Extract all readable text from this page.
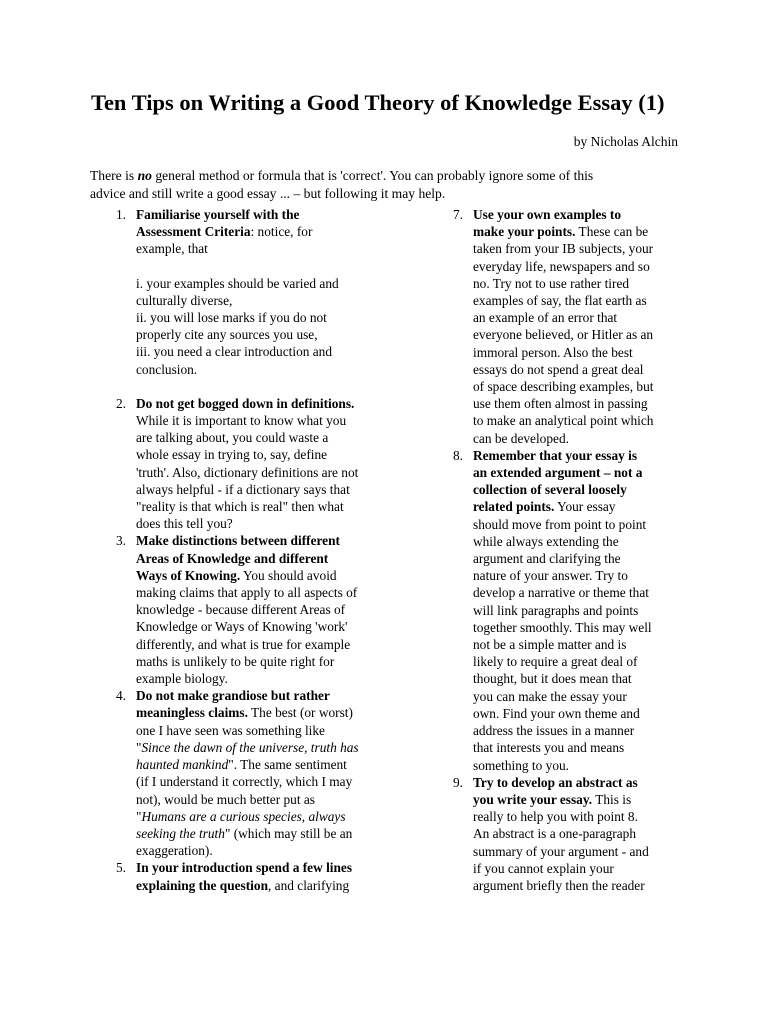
Ten Tips on Writing a Good Theory of Knowledge Essay (1)
by Nicholas Alchin
There is no general method or formula that is 'correct'. You can probably ignore some of this
advice and still write a good essay ... – but following it may help.
1. Familiarise yourself with the
Assessment Criteria: notice, for
example, that
i. your examples should be varied and
culturally diverse,
ii. you will lose marks if you do not
properly cite any sources you use,
iii. you need a clear introduction and
conclusion.
2. Do not get bogged down in definitions.
While it is important to know what you
are talking about, you could waste a
whole essay in trying to, say, define
'truth'. Also, dictionary definitions are not
always helpful - if a dictionary says that
"reality is that which is real" then what
does this tell you?
3. Make distinctions between different
Areas of Knowledge and different
Ways of Knowing. You should avoid
making claims that apply to all aspects of
knowledge - because different Areas of
Knowledge or Ways of Knowing 'work'
differently, and what is true for example
maths is unlikely to be quite right for
example biology.
4. Do not make grandiose but rather
meaningless claims. The best (or worst)
one I have seen was something like
"Since the dawn of the universe, truth has
haunted mankind". The same sentiment
(if I understand it correctly, which I may
not), would be much better put as
"Humans are a curious species, always
seeking the truth" (which may still be an
exaggeration).
5. In your introduction spend a few lines
explaining the question, and clarifying
7. Use your own examples to
make your points. These can be
taken from your IB subjects, your
everyday life, newspapers and so
no. Try not to use rather tired
examples of say, the flat earth as
an example of an error that
everyone believed, or Hitler as an
immoral person. Also the best
essays do not spend a great deal
of space describing examples, but
use them often almost in passing
to make an analytical point which
can be developed.
8. Remember that your essay is
an extended argument – not a
collection of several loosely
related points. Your essay
should move from point to point
while always extending the
argument and clarifying the
nature of your answer. Try to
develop a narrative or theme that
will link paragraphs and points
together smoothly. This may well
not be a simple matter and is
likely to require a great deal of
thought, but it does mean that
you can make the essay your
own. Find your own theme and
address the issues in a manner
that interests you and means
something to you.
9. Try to develop an abstract as
you write your essay. This is
really to help you with point 8.
An abstract is a one-paragraph
summary of your argument - and
if you cannot explain your
argument briefly then the reader
